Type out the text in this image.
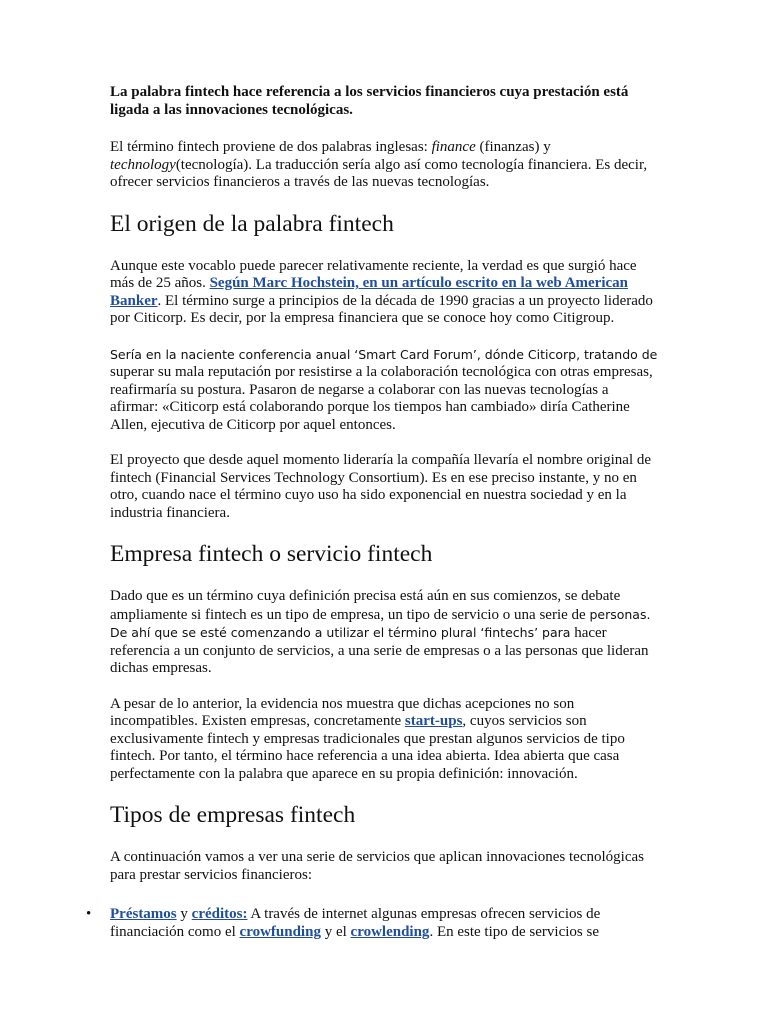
La palabra fintech hace referencia a los servicios financieros cuya prestación está ligada a las innovaciones tecnológicas.

El término fintech proviene de dos palabras inglesas: finance (finanzas) y technology(tecnología). La traducción sería algo así como tecnología financiera. Es decir, ofrecer servicios financieros a través de las nuevas tecnologías.

El origen de la palabra fintech

Aunque este vocablo puede parecer relativamente reciente, la verdad es que surgió hace más de 25 años. Según Marc Hochstein, en un artículo escrito en la web American Banker. El término surge a principios de la década de 1990 gracias a un proyecto liderado por Citicorp. Es decir, por la empresa financiera que se conoce hoy como Citigroup.

Sería en la naciente conferencia anual ‘Smart Card Forum’, dónde Citicorp, tratando de superar su mala reputación por resistirse a la colaboración tecnológica con otras empresas, reafirmaría su postura. Pasaron de negarse a colaborar con las nuevas tecnologías a afirmar: «Citicorp está colaborando porque los tiempos han cambiado» diría Catherine Allen, ejecutiva de Citicorp por aquel entonces.

El proyecto que desde aquel momento lideraría la compañía llevaría el nombre original de fintech (Financial Services Technology Consortium). Es en ese preciso instante, y no en otro, cuando nace el término cuyo uso ha sido exponencial en nuestra sociedad y en la industria financiera.

Empresa fintech o servicio fintech

Dado que es un término cuya definición precisa está aún en sus comienzos, se debate ampliamente si fintech es un tipo de empresa, un tipo de servicio o una serie de personas. De ahí que se esté comenzando a utilizar el término plural ‘fintechs’ para hacer referencia a un conjunto de servicios, a una serie de empresas o a las personas que lideran dichas empresas.

A pesar de lo anterior, la evidencia nos muestra que dichas acepciones no son incompatibles. Existen empresas, concretamente start-ups, cuyos servicios son exclusivamente fintech y empresas tradicionales que prestan algunos servicios de tipo fintech. Por tanto, el término hace referencia a una idea abierta. Idea abierta que casa perfectamente con la palabra que aparece en su propia definición: innovación.

Tipos de empresas fintech

A continuación vamos a ver una serie de servicios que aplican innovaciones tecnológicas para prestar servicios financieros:

• Préstamos y créditos: A través de internet algunas empresas ofrecen servicios de financiación como el crowfunding y el crowlending. En este tipo de servicios se
